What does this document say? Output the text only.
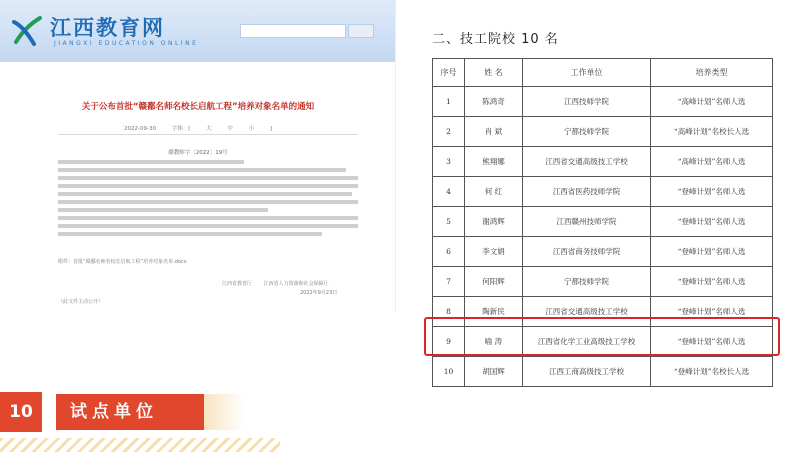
江西教育网
JIANGXI EDUCATION ONLINE
关于公布首批“赣鄱名师名校长启航工程”培养对象名单的通知
2022-09-30	字体：[ 大 中 小 ]
赣教师字〔2022〕19号
附件：首批“赣鄱名师名校长启航工程”培养对象名单.docx
江西省教育厅 江西省人力资源和社会保障厅
2022年9月23日
（此文件主动公开）
二、技工院校 10 名
序号	姓 名	工作单位	培养类型
1	陈鸿奇	江西技师学院	“高峰计划”名师人选
2	肖 斌	宁都技师学院	“高峰计划”名校长人选
3	熊翔娜	江西省交通高级技工学校	“高峰计划”名师人选
4	何 红	江西省医药技师学院	“登峰计划”名师人选
5	谢鸿辉	江西赣州技师学院	“登峰计划”名师人选
6	李文娟	江西省商务技师学院	“登峰计划”名师人选
7	何阳辉	宁都技师学院	“登峰计划”名师人选
8	陶新民	江西省交通高级技工学校	“登峰计划”名师人选
9	喻 涛	江西省化学工业高级技工学校	“登峰计划”名师人选
10	胡国辉	江西工商高级技工学校	“登峰计划”名校长人选
10	试点单位
